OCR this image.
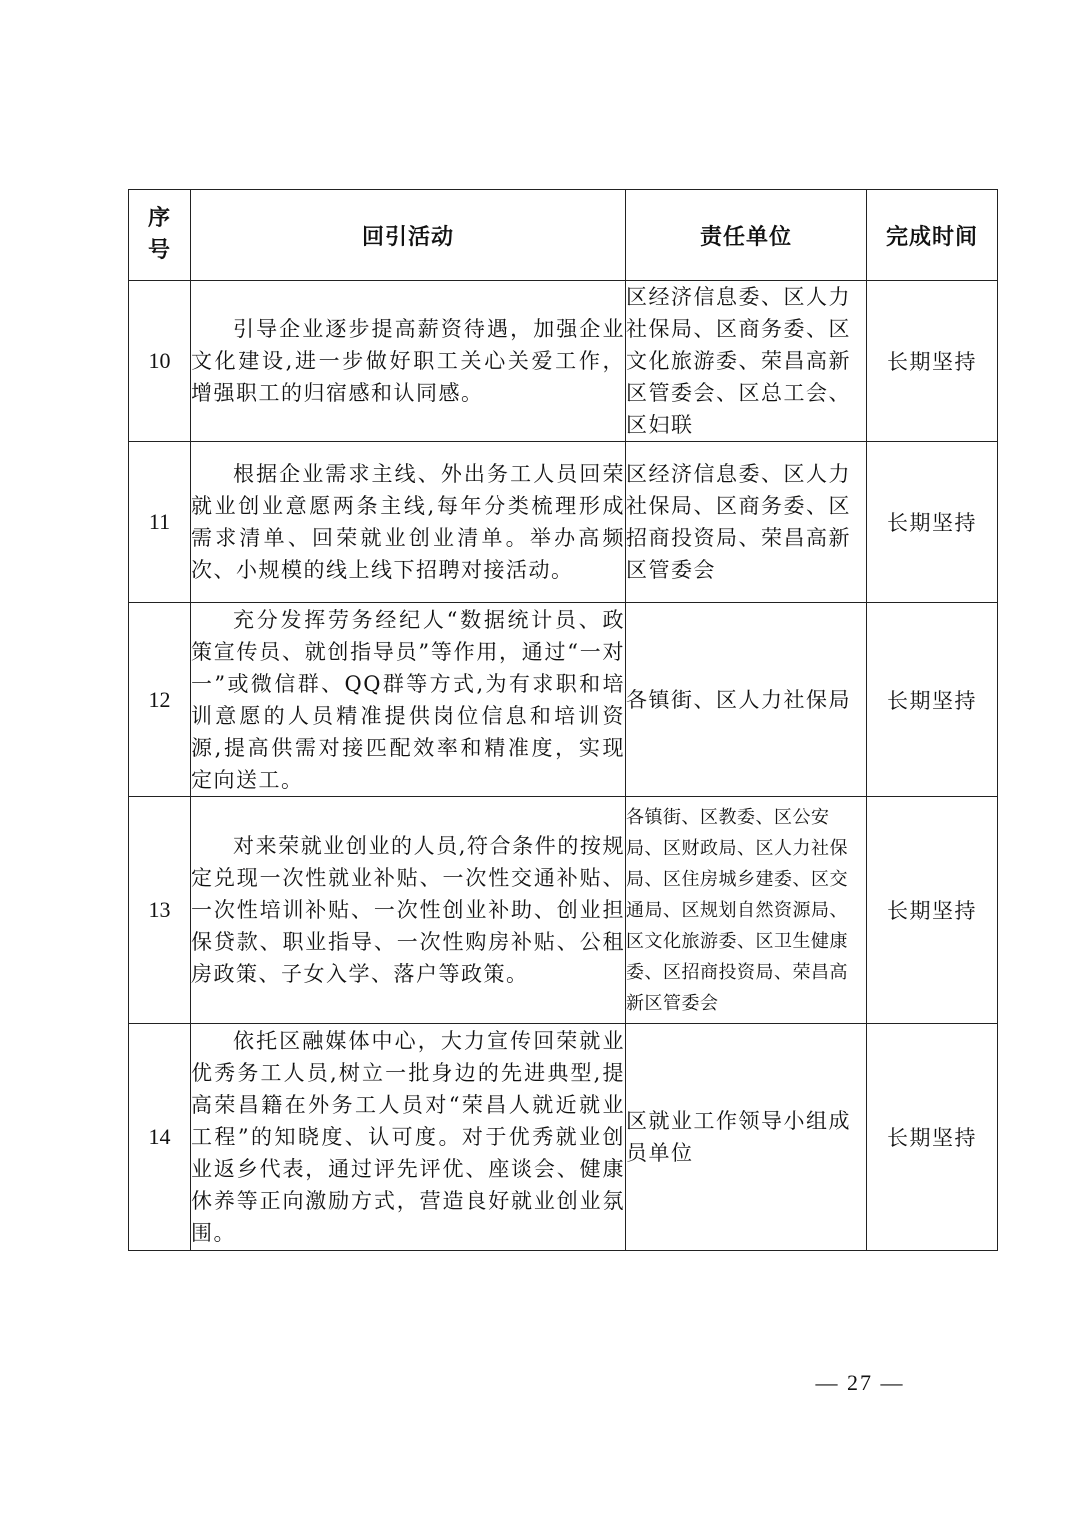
序
号	回引活动	责任单位	完成时间
10	引导企业逐步提高薪资待遇，加强企业文化建设,进一步做好职工关心关爱工作，增强职工的归宿感和认同感。	区经济信息委、区人力社保局、区商务委、区文化旅游委、荣昌高新区管委会、区总工会、区妇联	长期坚持
11	根据企业需求主线、外出务工人员回荣就业创业意愿两条主线,每年分类梳理形成需求清单、回荣就业创业清单。举办高频次、小规模的线上线下招聘对接活动。	区经济信息委、区人力社保局、区商务委、区招商投资局、荣昌高新区管委会	长期坚持
12	充分发挥劳务经纪人“数据统计员、政策宣传员、就创指导员”等作用，通过“一对一”或微信群、QQ群等方式,为有求职和培训意愿的人员精准提供岗位信息和培训资源,提高供需对接匹配效率和精准度，实现定向送工。	各镇街、区人力社保局	长期坚持
13	对来荣就业创业的人员,符合条件的按规定兑现一次性就业补贴、一次性交通补贴、一次性培训补贴、一次性创业补助、创业担保贷款、职业指导、一次性购房补贴、公租房政策、子女入学、落户等政策。	各镇街、区教委、区公安局、区财政局、区人力社保局、区住房城乡建委、区交通局、区规划自然资源局、区文化旅游委、区卫生健康委、区招商投资局、荣昌高新区管委会	长期坚持
14	依托区融媒体中心，大力宣传回荣就业优秀务工人员,树立一批身边的先进典型,提高荣昌籍在外务工人员对“荣昌人就近就业工程”的知晓度、认可度。对于优秀就业创业返乡代表，通过评先评优、座谈会、健康休养等正向激励方式，营造良好就业创业氛围。	区就业工作领导小组成员单位	长期坚持
— 27 —
